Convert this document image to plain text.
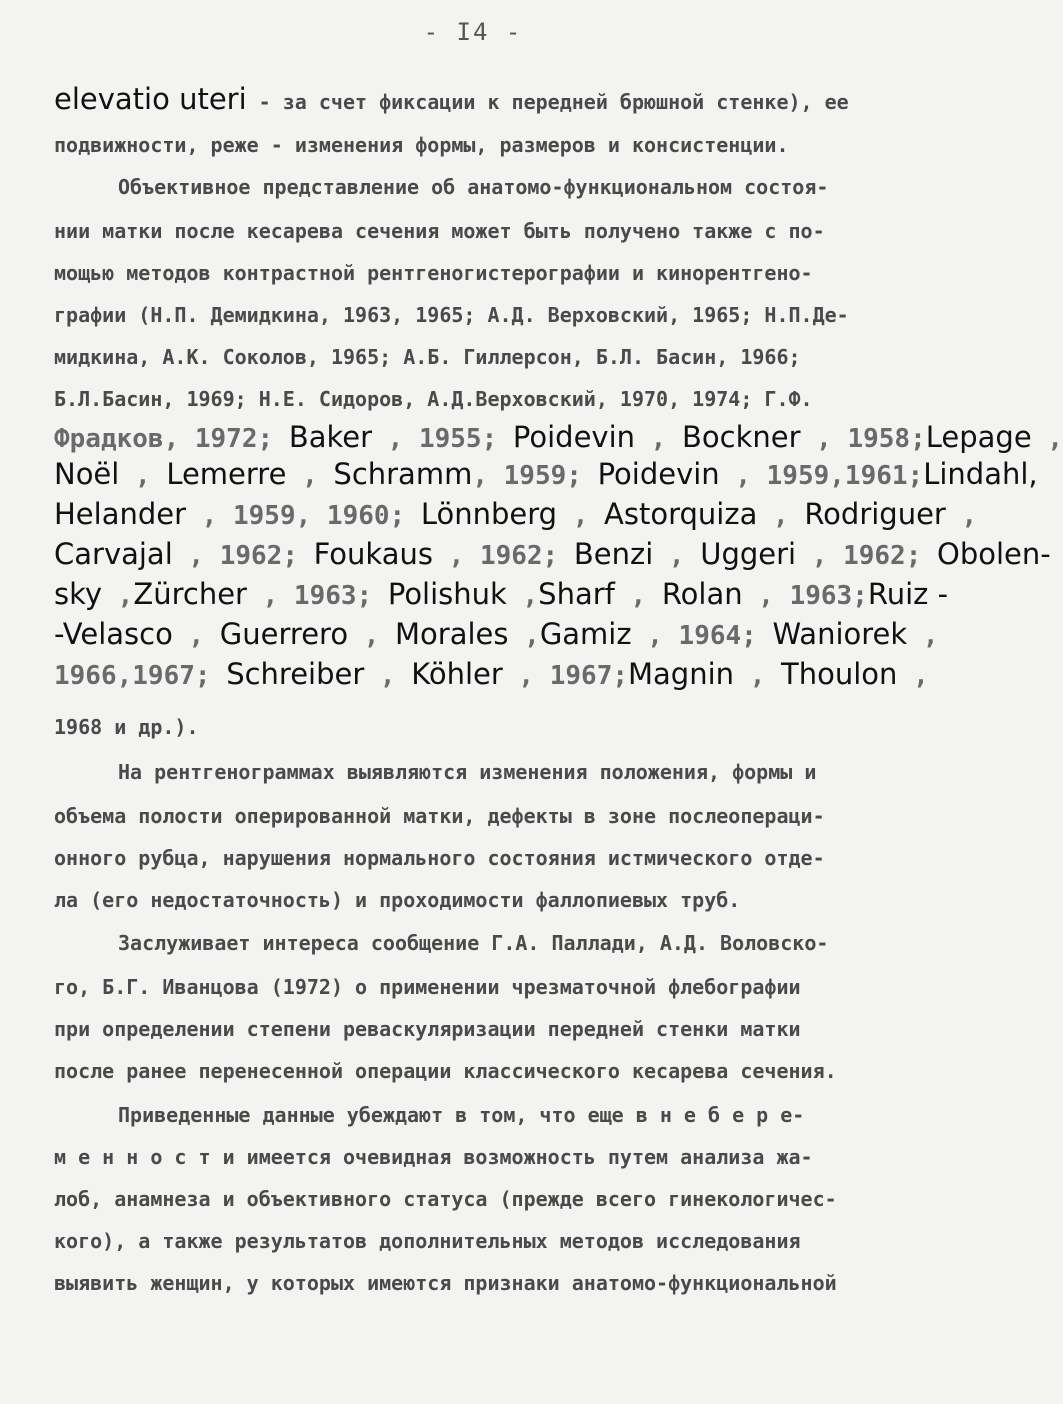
- I4 -
elevatio uteri - за счет фиксации к передней брюшной стенке), ее
подвижности, реже - изменения формы, размеров и консистенции.
Объективное представление об анатомо-функциональном состоя-
нии матки после кесарева сечения может быть получено также с по-
мощью методов контрастной рентгеногистерографии и кинорентгено-
графии (Н.П. Демидкина, 1963, 1965; А.Д. Верховский, 1965; Н.П.Де-
мидкина, А.К. Соколов, 1965; А.Б. Гиллерсон, Б.Л. Басин, 1966;
Б.Л.Басин, 1969; Н.Е. Сидоров, А.Д.Верховский, 1970, 1974; Г.Ф.
Фрадков, 1972; Baker , 1955; Poidevin , Bockner , 1958;Lepage ,
Noël , Lemerre , Schramm, 1959; Poidevin , 1959,1961;Lindahl,
Helander , 1959, 1960; Lönnberg , Astorquiza , Rodriguer ,
Carvajal , 1962; Foukaus , 1962; Benzi , Uggeri , 1962; Obolen-
sky ,Zürcher , 1963; Polishuk ,Sharf , Rolan , 1963;Ruiz -
-Velasco , Guerrero , Morales ,Gamiz , 1964; Waniorek ,
1966,1967; Schreiber , Köhler , 1967;Magnin , Thoulon ,
1968 и др.).
На рентгенограммах выявляются изменения положения, формы и
объема полости оперированной матки, дефекты в зоне послеопераци-
онного рубца, нарушения нормального состояния истмического отде-
ла (его недостаточность) и проходимости фаллопиевых труб.
Заслуживает интереса сообщение Г.А. Паллади, А.Д. Воловско-
го, Б.Г. Иванцова (1972) о применении чрезматочной флебографии
при определении степени реваскуляризации передней стенки матки
после ранее перенесенной операции классического кесарева сечения.
Приведенные данные убеждают в том, что еще в н е б е р е-
м е н н о с т и имеется очевидная возможность путем анализа жа-
лоб, анамнеза и объективного статуса (прежде всего гинекологичес-
кого), а также результатов дополнительных методов исследования
выявить женщин, у которых имеются признаки анатомо-функциональной
